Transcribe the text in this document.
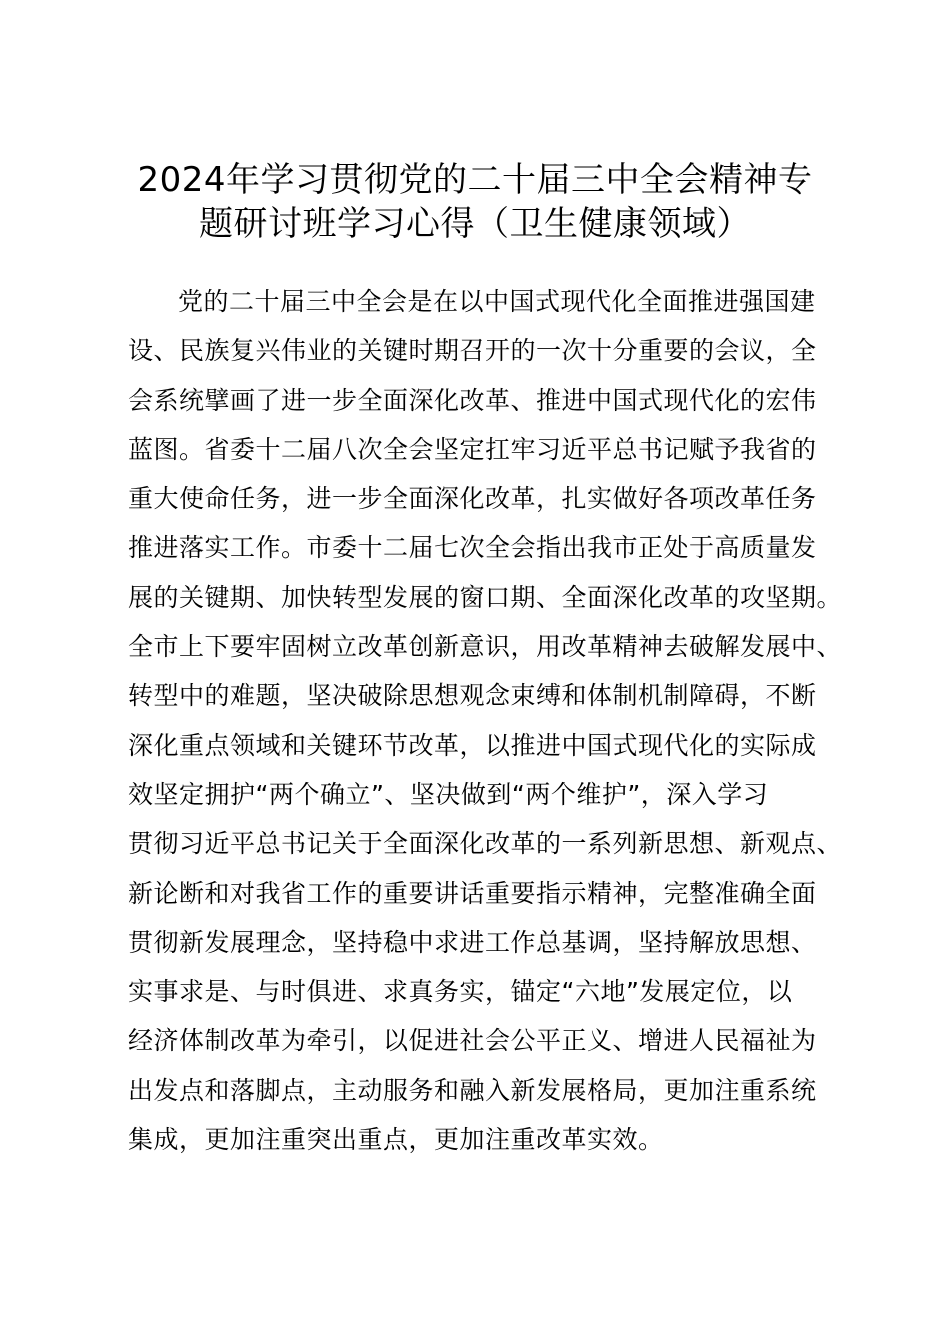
2024年学习贯彻党的二十届三中全会精神专
题研讨班学习心得（卫生健康领域）
党的二十届三中全会是在以中国式现代化全面推进强国建
设、民族复兴伟业的关键时期召开的一次十分重要的会议，全
会系统擘画了进一步全面深化改革、推进中国式现代化的宏伟
蓝图。省委十二届八次全会坚定扛牢习近平总书记赋予我省的
重大使命任务，进一步全面深化改革，扎实做好各项改革任务
推进落实工作。市委十二届七次全会指出我市正处于高质量发
展的关键期、加快转型发展的窗口期、全面深化改革的攻坚期。
全市上下要牢固树立改革创新意识，用改革精神去破解发展中、
转型中的难题，坚决破除思想观念束缚和体制机制障碍，不断
深化重点领域和关键环节改革，以推进中国式现代化的实际成
效坚定拥护“两个确立”、坚决做到“两个维护”，深入学习
贯彻习近平总书记关于全面深化改革的一系列新思想、新观点、
新论断和对我省工作的重要讲话重要指示精神，完整准确全面
贯彻新发展理念，坚持稳中求进工作总基调，坚持解放思想、
实事求是、与时俱进、求真务实，锚定“六地”发展定位，以
经济体制改革为牵引，以促进社会公平正义、增进人民福祉为
出发点和落脚点，主动服务和融入新发展格局，更加注重系统
集成，更加注重突出重点，更加注重改革实效。
